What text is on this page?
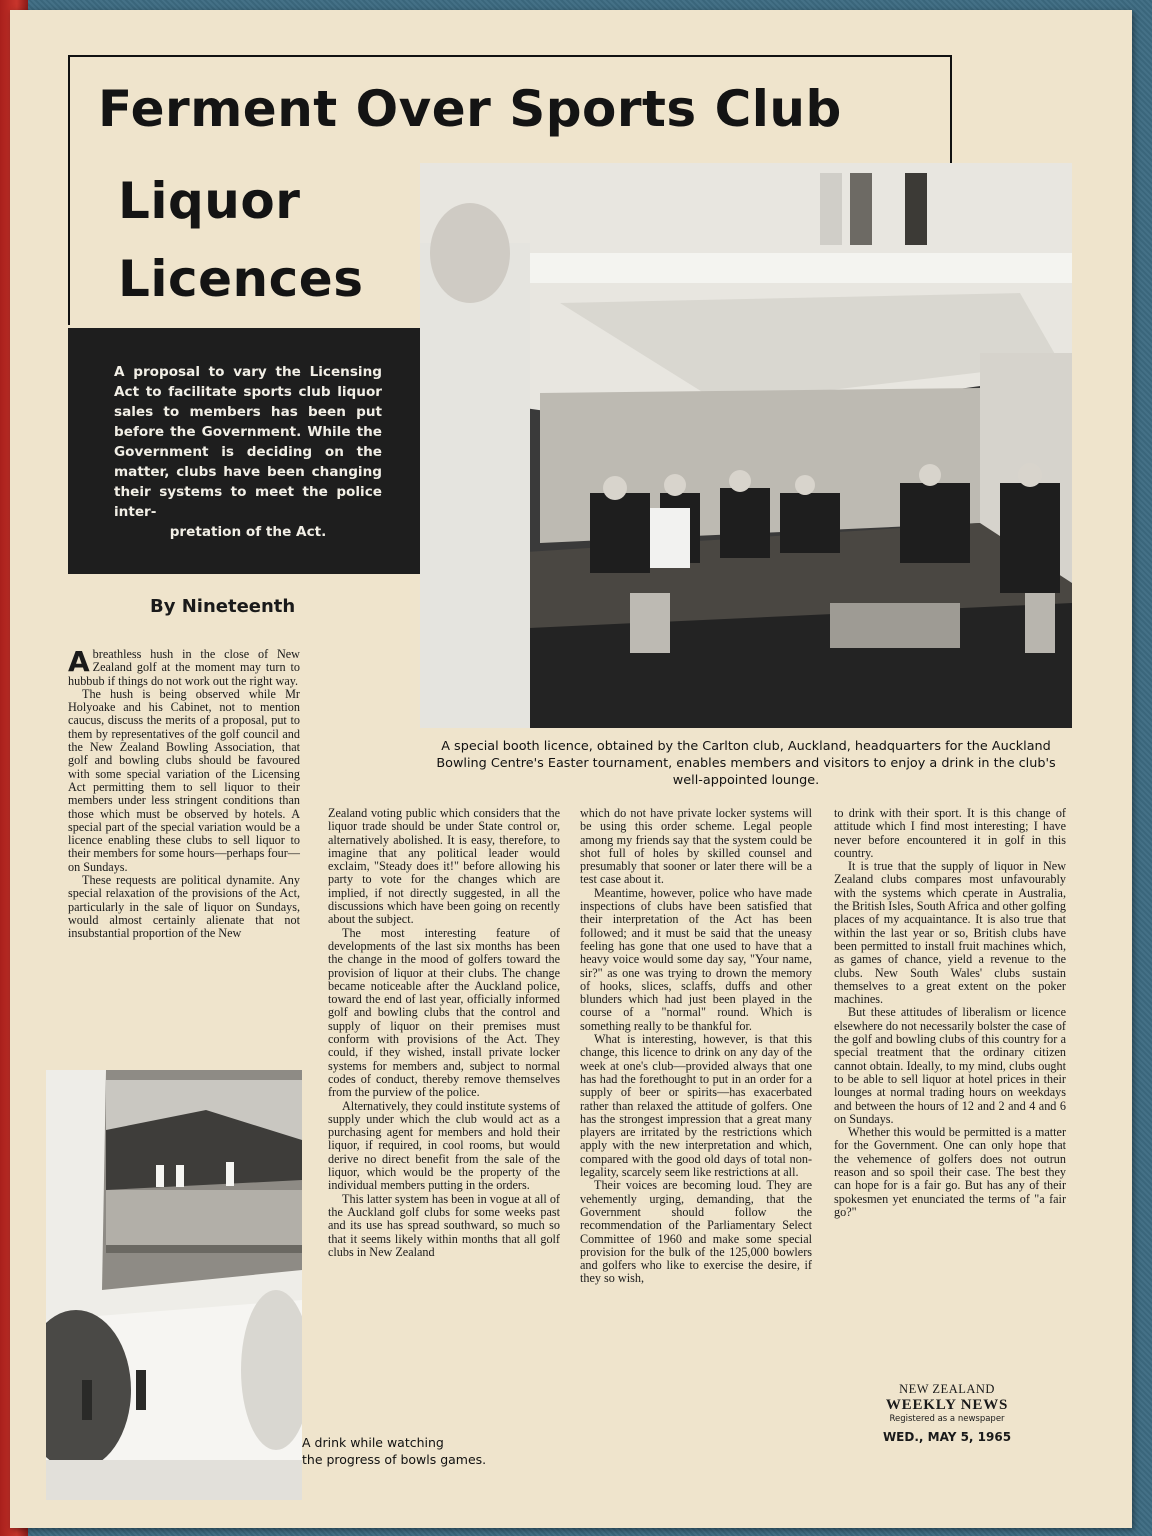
Ferment Over Sports Club
Liquor
Licences
A proposal to vary the Licensing Act to facilitate sports club liquor sales to members has been put before the Government. While the Government is deciding on the matter, clubs have been changing their systems to meet the police inter-
pretation of the Act.
By Nineteenth
A special booth licence, obtained by the Carlton club, Auckland, headquarters for the Auckland Bowling Centre's Easter tournament, enables members and visitors to enjoy a drink in the club's well-appointed lounge.

Abreathless hush in the close of New Zealand golf at the moment may turn to hubbub if things do not work out the right way.

The hush is being observed while Mr Holyoake and his Cabinet, not to mention caucus, discuss the merits of a proposal, put to them by representatives of the golf council and the New Zealand Bowling Association, that golf and bowling clubs should be favoured with some special variation of the Licensing Act permitting them to sell liquor to their members under less stringent conditions than those which must be observed by hotels. A special part of the special variation would be a licence enabling these clubs to sell liquor to their members for some hours—perhaps four—on Sundays.

These requests are political dynamite. Any special relaxation of the provisions of the Act, particularly in the sale of liquor on Sundays, would almost certainly alienate that not insubstantial proportion of the New

Zealand voting public which considers that the liquor trade should be under State control or, alternatively abolished. It is easy, therefore, to imagine that any political leader would exclaim, "Steady does it!" before allowing his party to vote for the changes which are implied, if not directly suggested, in all the discussions which have been going on recently about the subject.

The most interesting feature of developments of the last six months has been the change in the mood of golfers toward the provision of liquor at their clubs. The change became noticeable after the Auckland police, toward the end of last year, officially informed golf and bowling clubs that the control and supply of liquor on their premises must conform with provisions of the Act. They could, if they wished, install private locker systems for members and, subject to normal codes of conduct, thereby remove themselves from the purview of the police.

Alternatively, they could institute systems of supply under which the club would act as a purchasing agent for members and hold their liquor, if required, in cool rooms, but would derive no direct benefit from the sale of the liquor, which would be the property of the individual members putting in the orders.

This latter system has been in vogue at all of the Auckland golf clubs for some weeks past and its use has spread southward, so much so that it seems likely within months that all golf clubs in New Zealand

which do not have private locker systems will be using this order scheme. Legal people among my friends say that the system could be shot full of holes by skilled counsel and presumably that sooner or later there will be a test case about it.

Meantime, however, police who have made inspections of clubs have been satisfied that their interpretation of the Act has been followed; and it must be said that the uneasy feeling has gone that one used to have that a heavy voice would some day say, "Your name, sir?" as one was trying to drown the memory of hooks, slices, sclaffs, duffs and other blunders which had just been played in the course of a "normal" round. Which is something really to be thankful for.

What is interesting, however, is that this change, this licence to drink on any day of the week at one's club—provided always that one has had the forethought to put in an order for a supply of beer or spirits—has exacerbated rather than relaxed the attitude of golfers. One has the strongest impression that a great many players are irritated by the restrictions which apply with the new interpretation and which, compared with the good old days of total non-legality, scarcely seem like restrictions at all.

Their voices are becoming loud. They are vehemently urging, demanding, that the Government should follow the recommendation of the Parliamentary Select Committee of 1960 and make some special provision for the bulk of the 125,000 bowlers and golfers who like to exercise the desire, if they so wish,

to drink with their sport. It is this change of attitude which I find most interesting; I have never before encountered it in golf in this country.

It is true that the supply of liquor in New Zealand clubs compares most unfavourably with the systems which cperate in Australia, the British Isles, South Africa and other golfing places of my acquaintance. It is also true that within the last year or so, British clubs have been permitted to install fruit machines which, as games of chance, yield a revenue to the clubs. New South Wales' clubs sustain themselves to a great extent on the poker machines.

But these attitudes of liberalism or licence elsewhere do not necessarily bolster the case of the golf and bowling clubs of this country for a special treatment that the ordinary citizen cannot obtain. Ideally, to my mind, clubs ought to be able to sell liquor at hotel prices in their lounges at normal trading hours on weekdays and between the hours of 12 and 2 and 4 and 6 on Sundays.

Whether this would be permitted is a matter for the Government. One can only hope that the vehemence of golfers does not outrun reason and so spoil their case. The best they can hope for is a fair go. But has any of their spokesmen yet enunciated the terms of "a fair go?"

A drink while watching
the progress of bowls games.
NEW ZEALAND
WEEKLY NEWS
Registered as a newspaper
WED., MAY 5, 1965
